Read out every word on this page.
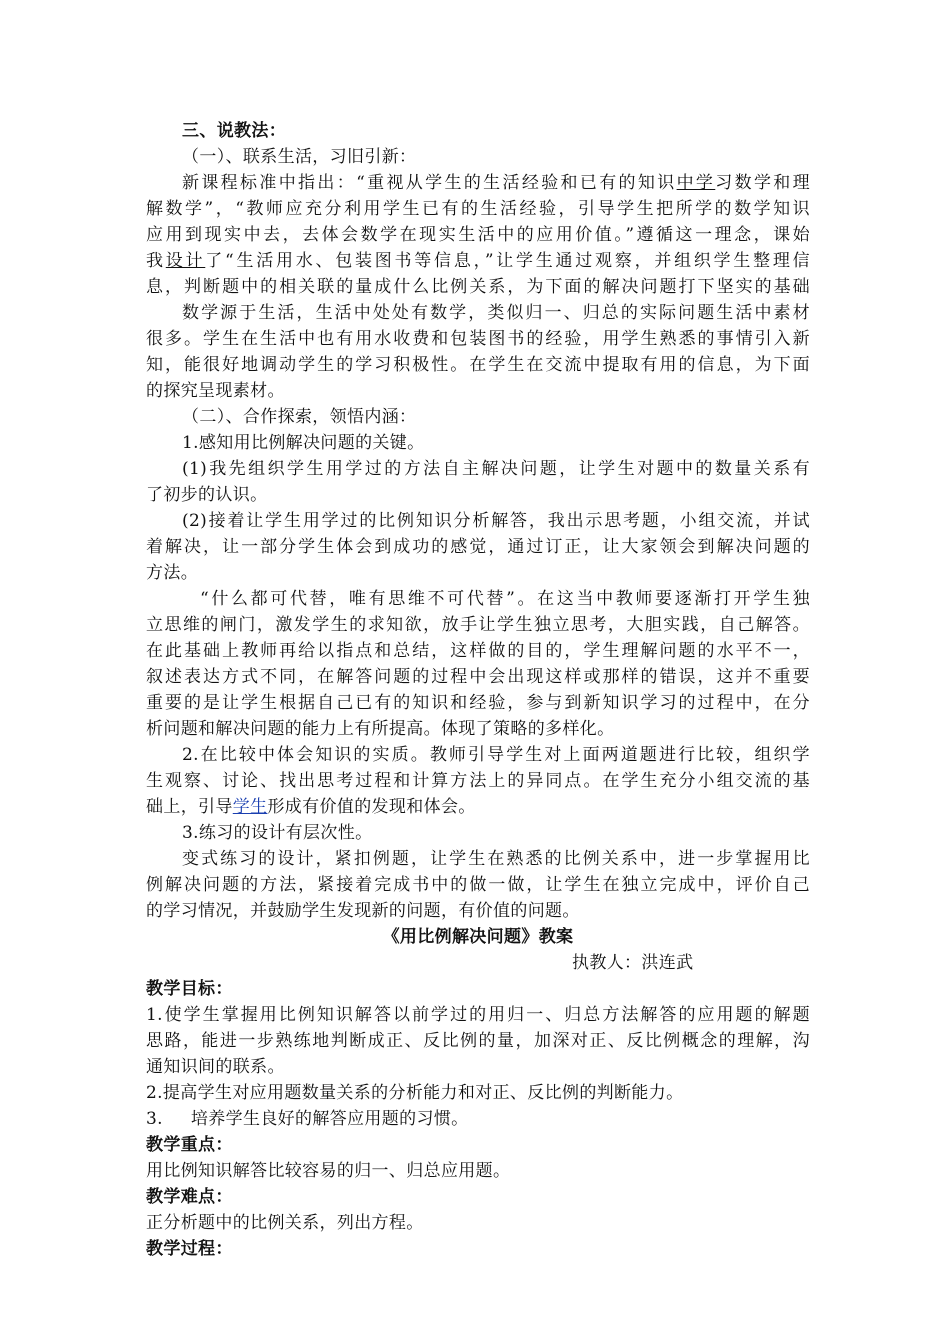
三、说教法：
（一）、联系生活，习旧引新：
新课程标准中指出：“重视从学生的生活经验和已有的知识中学习数学和理
解数学”，“教师应充分利用学生已有的生活经验，引导学生把所学的数学知识
应用到现实中去，去体会数学在现实生活中的应用价值。”遵循这一理念，课始
我设计了“生活用水、包装图书等信息，”让学生通过观察，并组织学生整理信
息，判断题中的相关联的量成什么比例关系，为下面的解决问题打下坚实的基础
数学源于生活，生活中处处有数学，类似归一、归总的实际问题生活中素材
很多。学生在生活中也有用水收费和包装图书的经验，用学生熟悉的事情引入新
知，能很好地调动学生的学习积极性。在学生在交流中提取有用的信息，为下面
的探究呈现素材。
（二）、合作探索，领悟内涵：
1.感知用比例解决问题的关键。
(1)我先组织学生用学过的方法自主解决问题，让学生对题中的数量关系有
了初步的认识。
(2)接着让学生用学过的比例知识分析解答，我出示思考题，小组交流，并试
着解决，让一部分学生体会到成功的感觉，通过订正，让大家领会到解决问题的
方法。
“什么都可代替，唯有思维不可代替”。在这当中教师要逐渐打开学生独
立思维的闸门，激发学生的求知欲，放手让学生独立思考，大胆实践，自己解答。
在此基础上教师再给以指点和总结，这样做的目的，学生理解问题的水平不一，
叙述表达方式不同，在解答问题的过程中会出现这样或那样的错误，这并不重要
重要的是让学生根据自己已有的知识和经验，参与到新知识学习的过程中，在分
析问题和解决问题的能力上有所提高。体现了策略的多样化。
2.在比较中体会知识的实质。教师引导学生对上面两道题进行比较，组织学
生观察、讨论、找出思考过程和计算方法上的异同点。在学生充分小组交流的基
础上，引导学生形成有价值的发现和体会。
3.练习的设计有层次性。
变式练习的设计，紧扣例题，让学生在熟悉的比例关系中，进一步掌握用比
例解决问题的方法，紧接着完成书中的做一做，让学生在独立完成中，评价自己
的学习情况，并鼓励学生发现新的问题，有价值的问题。
《用比例解决问题》教案
执教人：洪连武
教学目标：
1.使学生掌握用比例知识解答以前学过的用归一、归总方法解答的应用题的解题
思路，能进一步熟练地判断成正、反比例的量，加深对正、反比例概念的理解，沟
通知识间的联系。
2.提高学生对应用题数量关系的分析能力和对正、反比例的判断能力。
3. 培养学生良好的解答应用题的习惯。
教学重点：
用比例知识解答比较容易的归一、归总应用题。
教学难点：
正分析题中的比例关系，列出方程。
教学过程：
